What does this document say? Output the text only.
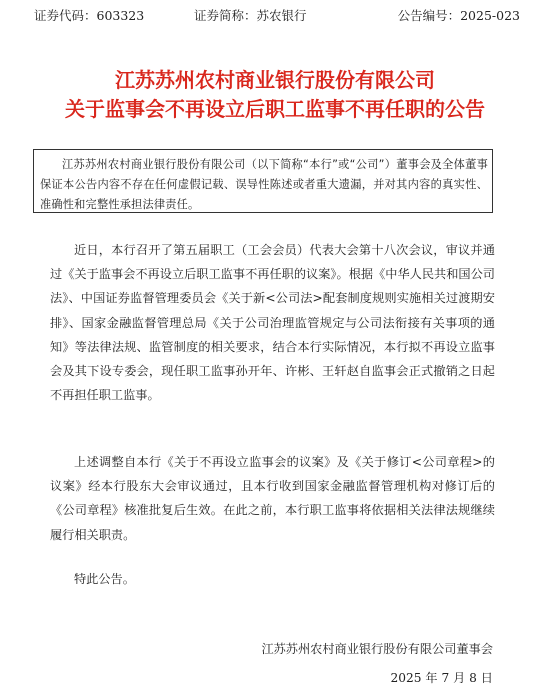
证券代码：603323	证券简称：苏农银行	公告编号：2025-023
江苏苏州农村商业银行股份有限公司
关于监事会不再设立后职工监事不再任职的公告
江苏苏州农村商业银行股份有限公司（以下简称“本行”或“公司”）董事会及全体董事保证本公告内容不存在任何虚假记载、误导性陈述或者重大遗漏，并对其内容的真实性、准确性和完整性承担法律责任。
近日，本行召开了第五届职工（工会会员）代表大会第十八次会议，审议并通过《关于监事会不再设立后职工监事不再任职的议案》。根据《中华人民共和国公司法》、中国证券监督管理委员会《关于新<公司法>配套制度规则实施相关过渡期安排》、国家金融监督管理总局《关于公司治理监管规定与公司法衔接有关事项的通知》等法律法规、监管制度的相关要求，结合本行实际情况，本行拟不再设立监事会及其下设专委会，现任职工监事孙开年、许彬、王轩赵自监事会正式撤销之日起不再担任职工监事。
上述调整自本行《关于不再设立监事会的议案》及《关于修订<公司章程>的议案》经本行股东大会审议通过，且本行收到国家金融监督管理机构对修订后的《公司章程》核准批复后生效。在此之前，本行职工监事将依据相关法律法规继续履行相关职责。
特此公告。
江苏苏州农村商业银行股份有限公司董事会
2025 年 7 月 8 日
